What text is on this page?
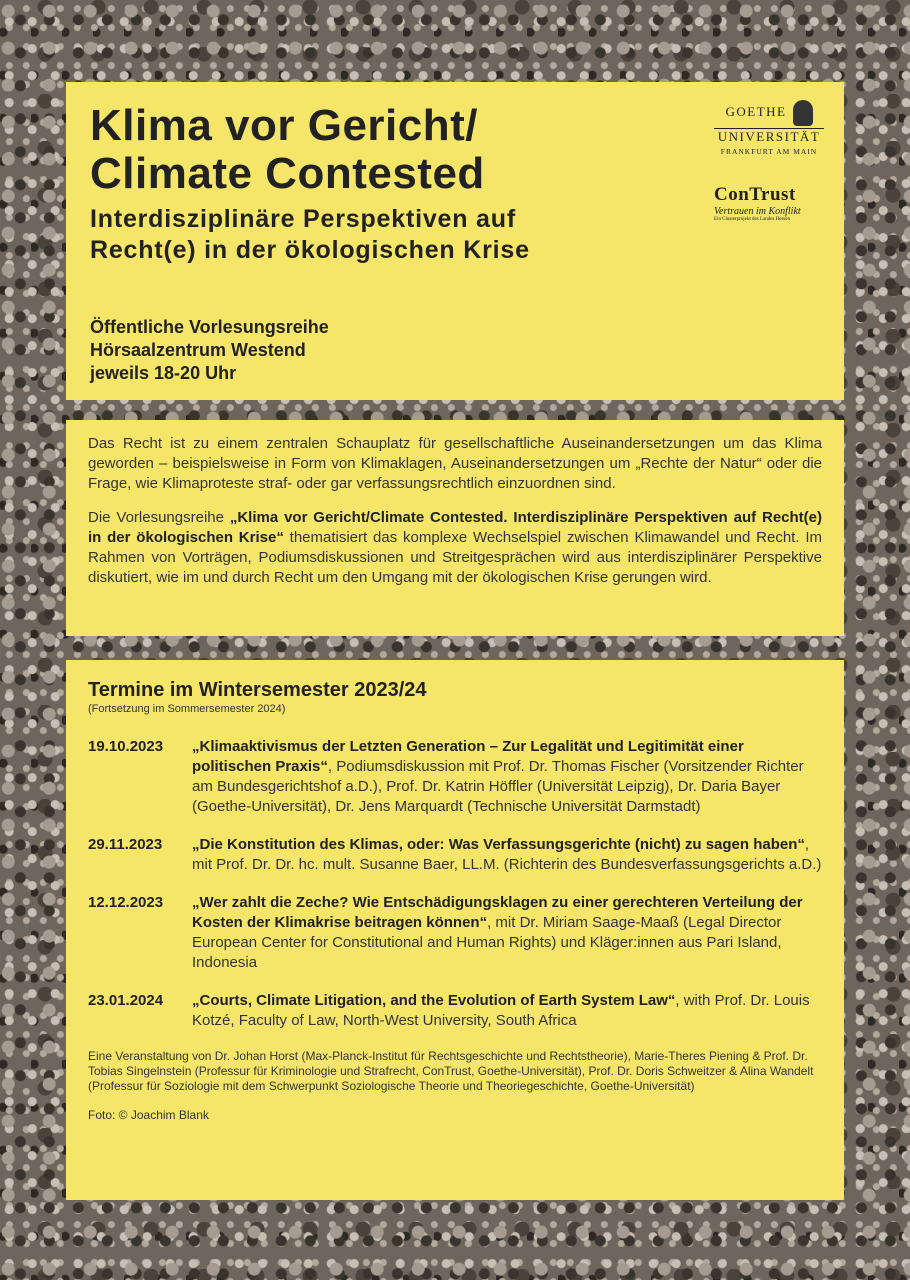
Klima vor Gericht/
Climate Contested
Interdisziplinäre Perspektiven auf
Recht(e) in der ökologischen Krise
Öffentliche Vorlesungsreihe
Hörsaalzentrum Westend
jeweils 18-20 Uhr
GOETHE
UNIVERSITÄT
FRANKFURT AM MAIN
ConTrust
Vertrauen im Konflikt
Ein Clusterprojekt des Landes Hessen

Das Recht ist zu einem zentralen Schauplatz für gesellschaftliche Auseinandersetzungen um das Klima geworden – beispielsweise in Form von Klimaklagen, Auseinandersetzungen um „Rechte der Natur“ oder die Frage, wie Klimaproteste straf- oder gar verfassungsrechtlich einzuordnen sind.

Die Vorlesungsreihe „Klima vor Gericht/Climate Contested. Interdisziplinäre Perspektiven auf Recht(e) in der ökologischen Krise“ thematisiert das komplexe Wechselspiel zwischen Klimawandel und Recht. Im Rahmen von Vorträgen, Podiumsdiskussionen und Streitgesprächen wird aus interdisziplinärer Perspektive diskutiert, wie im und durch Recht um den Umgang mit der ökologischen Krise gerungen wird.

Termine im Wintersemester 2023/24
(Fortsetzung im Sommersemester 2024)
19.10.2023	„Klimaaktivismus der Letzten Generation – Zur Legalität und Legitimität einer politischen Praxis“, Podiumsdiskussion mit Prof. Dr. Thomas Fischer (Vorsitzender Richter am Bundesgerichtshof a.D.), Prof. Dr. Katrin Höffler (Universität Leipzig), Dr. Daria Bayer (Goethe-Universität), Dr. Jens Marquardt (Technische Universität Darmstadt)
29.11.2023	„Die Konstitution des Klimas, oder: Was Verfassungsgerichte (nicht) zu sagen haben“, mit Prof. Dr. Dr. hc. mult. Susanne Baer, LL.M. (Richterin des Bundesverfassungsgerichts a.D.)
12.12.2023	„Wer zahlt die Zeche? Wie Entschädigungsklagen zu einer gerechteren Verteilung der Kosten der Klimakrise beitragen können“, mit Dr. Miriam Saage-Maaß (Legal Director European Center for Constitutional and Human Rights) und Kläger:innen aus Pari Island, Indonesia
23.01.2024	„Courts, Climate Litigation, and the Evolution of Earth System Law“, with Prof. Dr. Louis Kotzé, Faculty of Law, North-West University, South Africa
Eine Veranstaltung von Dr. Johan Horst (Max-Planck-Institut für Rechtsgeschichte und Rechtstheorie), Marie-Theres Piening & Prof. Dr. Tobias Singelnstein (Professur für Kriminologie und Strafrecht, ConTrust, Goethe-Universität), Prof. Dr. Doris Schweitzer & Alina Wandelt (Professur für Soziologie mit dem Schwerpunkt Soziologische Theorie und Theoriegeschichte, Goethe-Universität)
Foto: © Joachim Blank
